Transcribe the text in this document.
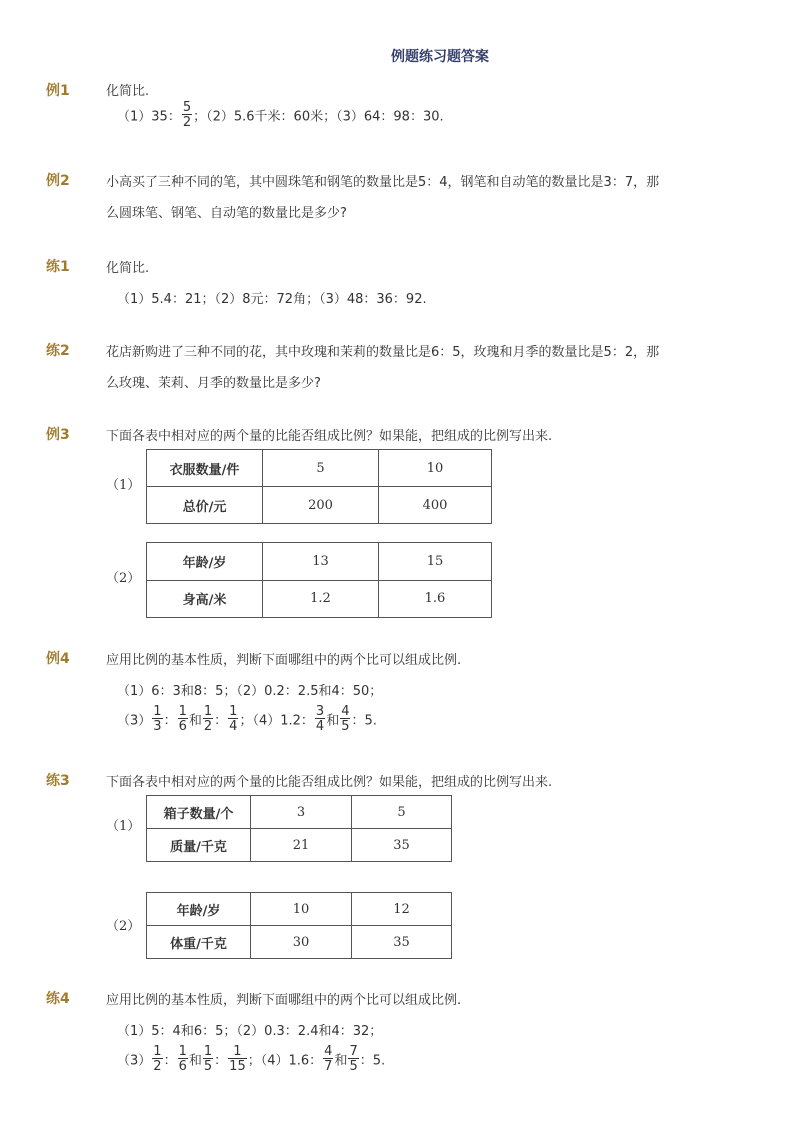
例题练习题答案
例1	化简比.
（1）35： $\frac{5}{2}$ ；（2）5.6千米：60米；（3）64：98：30.
例2	小高买了三种不同的笔，其中圆珠笔和钢笔的数量比是5：4，钢笔和自动笔的数量比是3：7，那
么圆珠笔、钢笔、自动笔的数量比是多少?
练1	化简比.
（1）5.4：21；（2）8元：72角；（3）48：36：92.
练2	花店新购进了三种不同的花，其中玫瑰和茉莉的数量比是6：5，玫瑰和月季的数量比是5：2，那
么玫瑰、茉莉、月季的数量比是多少?
例3	下面各表中相对应的两个量的比能否组成比例？如果能，把组成的比例写出来.
（1）
衣服数量/件	5	10
总价/元	200	400
（2）
年龄/岁	13	15
身高/米	1.2	1.6
例4	应用比例的基本性质，判断下面哪组中的两个比可以组成比例.
（1）6：3和8：5；（2）0.2：2.5和4：50；
$(3) \frac{1}{3}$ ： $\frac{1}{6}$ 和 $\frac{1}{2}$ ： $\frac{1}{4}$ ；（4）1.2： $\frac{3}{4}$ 和 $\frac{4}{5}$ ：5.
练3	下面各表中相对应的两个量的比能否组成比例？如果能，把组成的比例写出来.
（1）
箱子数量/个	3	5
质量/千克	21	35
（2）
年龄/岁	10	12
体重/千克	30	35
练4	应用比例的基本性质，判断下面哪组中的两个比可以组成比例.
（1）5：4和6：5；（2）0.3：2.4和4：32；
$(3) \frac{1}{2}$ ： $\frac{1}{6}$ 和 $\frac{1}{5}$ ： $\frac{1}{15}$ ；（4）1.6： $\frac{4}{7}$ 和 $\frac{7}{5}$ ：5.
